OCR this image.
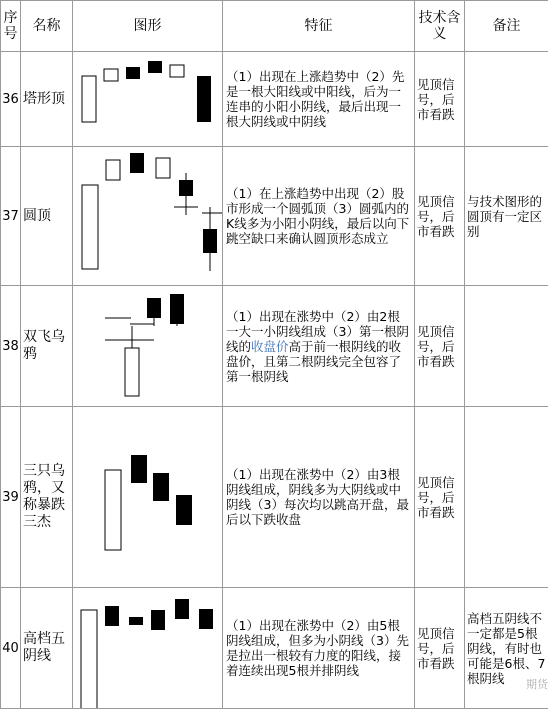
序号	名称	图形	特征	技术含义	备注
36	塔形顶		（1）出现在上涨趋势中（2）先是一根大阳线或中阳线，后为一连串的小阳小阴线，最后出现一根大阴线或中阴线	见顶信号，后市看跌	
37	圆顶		（1）在上涨趋势中出现（2）股市形成一个圆弧顶（3）圆弧内的K线多为小阳小阴线，最后以向下跳空缺口来确认圆顶形态成立	见顶信号，后市看跌	与技术图形的圆顶有一定区别
38	双飞乌鸦		（1）出现在涨势中（2）由2根一大一小阴线组成（3）第一根阴线的收盘价高于前一根阴线的收盘价，且第二根阴线完全包容了第一根阴线	见顶信号，后市看跌	
39	三只乌鸦，又称暴跌三杰		（1）出现在涨势中（2）由3根阴线组成，阴线多为大阴线或中阴线（3）每次均以跳高开盘，最后以下跌收盘	见顶信号，后市看跌	
40	高档五阴线		（1）出现在涨势中（2）由5根阴线组成，但多为小阴线（3）先是拉出一根较有力度的阳线，接着连续出现5根并排阴线	见顶信号，后市看跌	高档五阴线不一定都是5根阴线，有时也可能是6根、7根阴线 期货
